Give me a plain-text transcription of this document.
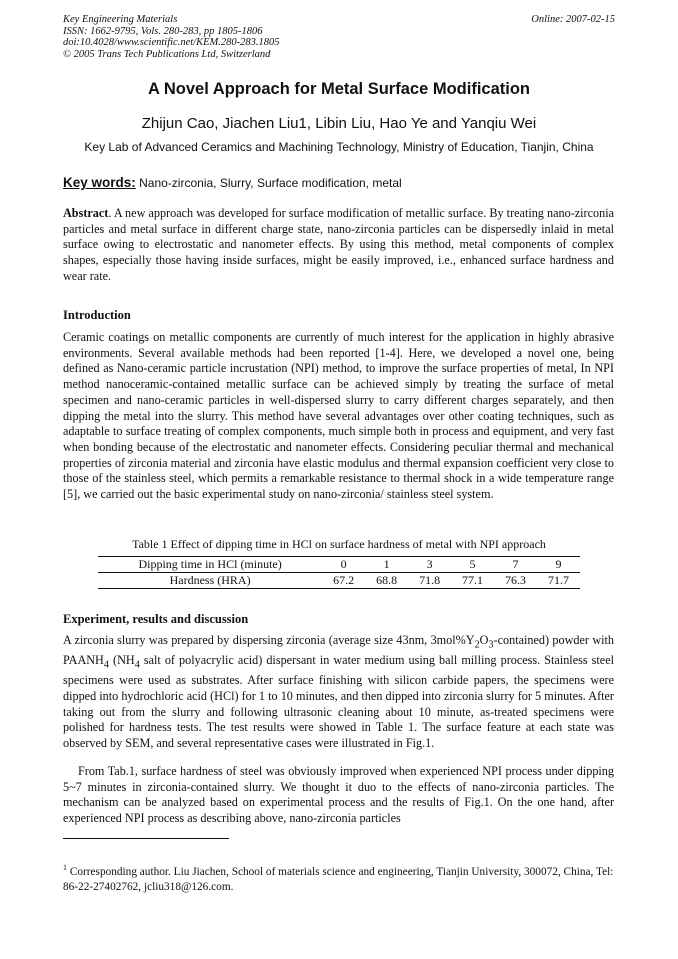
Key Engineering Materials
ISSN: 1662-9795, Vols. 280-283, pp 1805-1806
doi:10.4028/www.scientific.net/KEM.280-283.1805
© 2005 Trans Tech Publications Ltd, Switzerland
Online: 2007-02-15
A Novel Approach for Metal Surface Modification
Zhijun Cao, Jiachen Liu1, Libin Liu, Hao Ye and Yanqiu Wei
Key Lab of Advanced Ceramics and Machining Technology, Ministry of Education, Tianjin, China
Key words: Nano-zirconia, Slurry, Surface modification, metal
Abstract. A new approach was developed for surface modification of metallic surface. By treating nano-zirconia particles and metal surface in different charge state, nano-zirconia particles can be dispersedly inlaid in metal surface owing to electrostatic and nanometer effects. By using this method, metal components of complex shapes, especially those having inside surfaces, might be easily improved, i.e., enhanced surface hardness and wear rate.
Introduction
Ceramic coatings on metallic components are currently of much interest for the application in highly abrasive environments. Several available methods had been reported [1-4]. Here, we developed a novel one, being defined as Nano-ceramic particle incrustation (NPI) method, to improve the surface properties of metal, In NPI method nanoceramic-contained metallic surface can be achieved simply by treating the surface of metal specimen and nano-ceramic particles in well-dispersed slurry to carry different charges separately, and then dipping the metal into the slurry. This method have several advantages over other coating techniques, such as adaptable to surface treating of complex components, much simple both in process and equipment, and very fast when bonding because of the electrostatic and nanometer effects. Considering peculiar thermal and mechanical properties of zirconia material and zirconia have elastic modulus and thermal expansion coefficient very close to those of the stainless steel, which permits a remarkable resistance to thermal shock in a wide temperature range [5], we carried out the basic experimental study on nano-zirconia/ stainless steel system.
Table 1 Effect of dipping time in HCl on surface hardness of metal with NPI approach
Dipping time in HCl (minute)	0	1	3	5	7	9
Hardness (HRA)	67.2	68.8	71.8	77.1	76.3	71.7
Experiment, results and discussion
A zirconia slurry was prepared by dispersing zirconia (average size 43nm, $3mol\%Y_2O_3-contained$) powder with $PAANH_4$ ($NH_4$ salt of polyacrylic acid) dispersant in water medium using ball milling process. Stainless steel specimens were used as substrates. After surface finishing with silicon carbide papers, the specimens were dipped into hydrochloric acid (HCl) for 1 to 10 minutes, and then dipped into zirconia slurry for 5 minutes. After taking out from the slurry and following ultrasonic cleaning about 10 minute, as-treated specimens were polished for hardness tests. The test results were showed in Table 1. The surface feature at each state was observed by SEM, and several representative cases were illustrated in Fig.1.
From Tab.1, surface hardness of steel was obviously improved when experienced NPI process under dipping 5~7 minutes in zirconia-contained slurry. We thought it duo to the effects of nano-zirconia particles. The mechanism can be analyzed based on experimental process and the results of Fig.1. On the one hand, after experienced NPI process as describing above, nano-zirconia particles
$^1$ Corresponding author. Liu Jiachen, School of materials science and engineering, Tianjin University, 300072, China, Tel: 86-22-27402762, jcliu318@126.com.
